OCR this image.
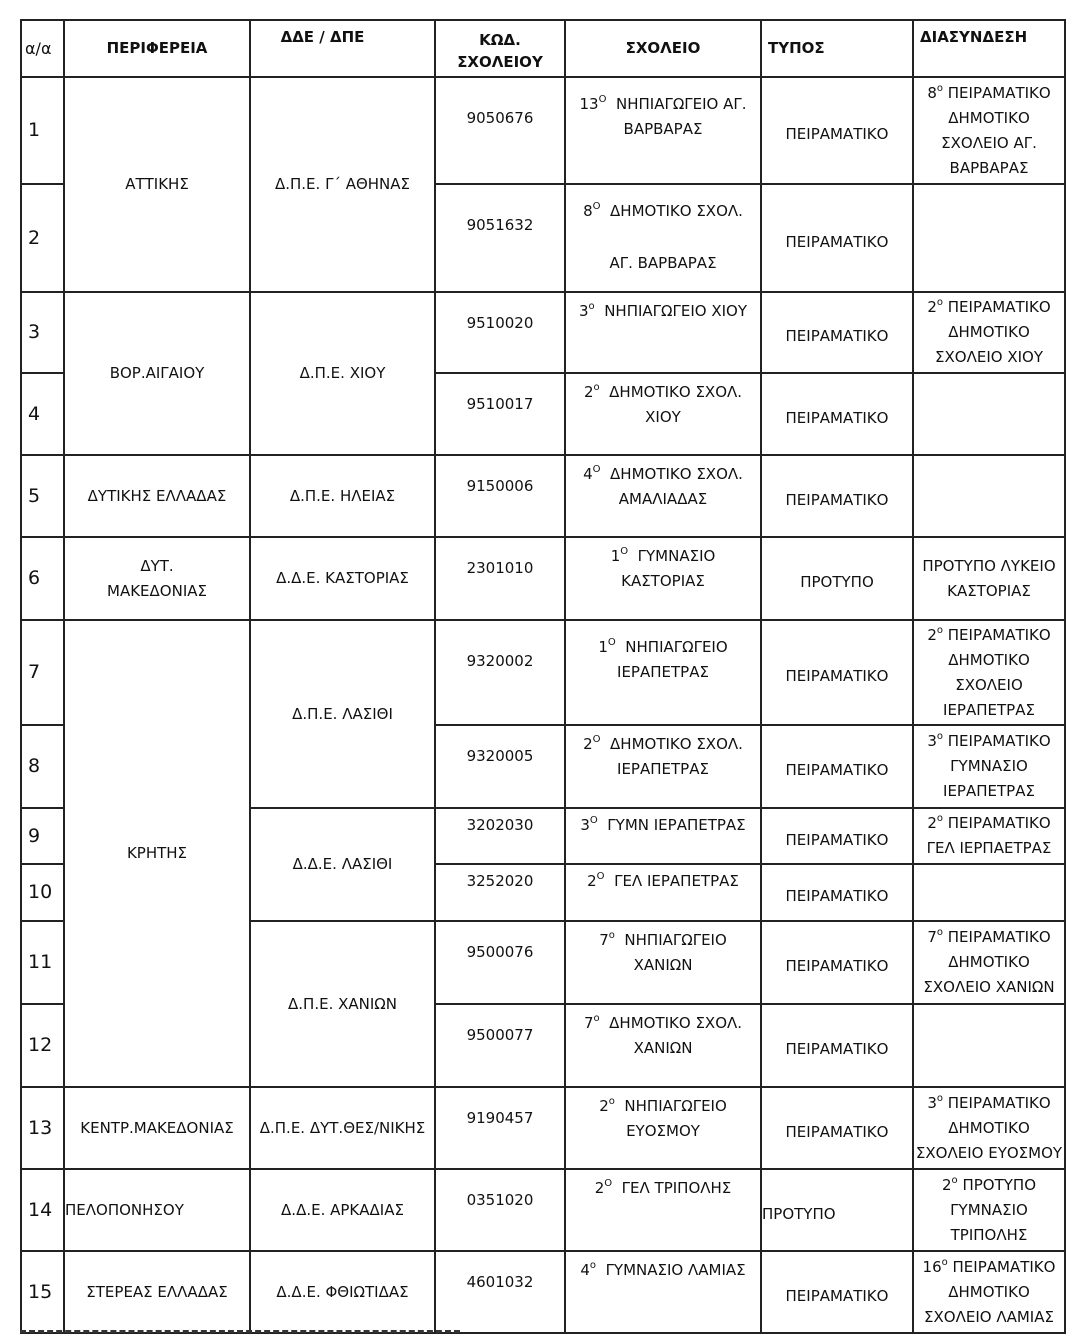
α/α	ΠΕΡΙΦΕΡΕΙΑ	ΔΔΕ / ΔΠΕ	ΚΩΔ. ΣΧΟΛΕΙΟΥ	ΣΧΟΛΕΙΟ	ΤΥΠΟΣ	ΔΙΑΣΥΝΔΕΣΗ
1	ΑΤΤΙΚΗΣ	Δ.Π.Ε. Γ΄ ΑΘΗΝΑΣ	9050676	$13^O$ ΝΗΠΙΑΓΩΓΕΙΟ ΑΓ.
ΒΑΡΒΑΡΑΣ	ΠΕΙΡΑΜΑΤΙΚΟ	$8^o$ ΠΕΙΡΑΜΑΤΙΚΟ
ΔΗΜΟΤΙΚΟ
ΣΧΟΛΕΙΟ ΑΓ.
ΒΑΡΒΑΡΑΣ

2			9051632	$8^O$ ΔΗΜΟΤΙΚΟ ΣΧΟΛ.
ΑΓ. ΒΑΡΒΑΡΑΣ	ΠΕΙΡΑΜΑΤΙΚΟ	
3	ΒΟΡ.ΑΙΓΑΙΟΥ	Δ.Π.Ε. ΧΙΟΥ	9510020	$3^o$ ΝΗΠΙΑΓΩΓΕΙΟ ΧΙΟΥ	ΠΕΙΡΑΜΑΤΙΚΟ	$2^o$ ΠΕΙΡΑΜΑΤΙΚΟ
ΔΗΜΟΤΙΚΟ
ΣΧΟΛΕΙΟ ΧΙΟΥ

4			9510017	$2^o$ ΔΗΜΟΤΙΚΟ ΣΧΟΛ.
ΧΙΟΥ	ΠΕΙΡΑΜΑΤΙΚΟ	
5	ΔΥΤΙΚΗΣ ΕΛΛΑΔΑΣ	Δ.Π.Ε. ΗΛΕΙΑΣ	9150006	$4^O$ ΔΗΜΟΤΙΚΟ ΣΧΟΛ.
ΑΜΑΛΙΑΔΑΣ	ΠΕΙΡΑΜΑΤΙΚΟ	
6	ΔΥΤ. ΜΑΚΕΔΟΝΙΑΣ	Δ.Δ.Ε. ΚΑΣΤΟΡΙΑΣ	2301010	$1^O$ ΓΥΜΝΑΣΙΟ
ΚΑΣΤΟΡΙΑΣ	ΠΡΟΤΥΠΟ	ΠΡΟΤΥΠΟ ΛΥΚΕΙΟ
ΚΑΣΤΟΡΙΑΣ

7	ΚΡΗΤΗΣ	Δ.Π.Ε. ΛΑΣΙΘΙ	9320002	$1^O$ ΝΗΠΙΑΓΩΓΕΙΟ
ΙΕΡΑΠΕΤΡΑΣ	ΠΕΙΡΑΜΑΤΙΚΟ	$2^o$ ΠΕΙΡΑΜΑΤΙΚΟ
ΔΗΜΟΤΙΚΟ
ΣΧΟΛΕΙΟ
ΙΕΡΑΠΕΤΡΑΣ

8			9320005	$2^O$ ΔΗΜΟΤΙΚΟ ΣΧΟΛ.
ΙΕΡΑΠΕΤΡΑΣ	ΠΕΙΡΑΜΑΤΙΚΟ	$3^o$ ΠΕΙΡΑΜΑΤΙΚΟ
ΓΥΜΝΑΣΙΟ
ΙΕΡΑΠΕΤΡΑΣ

9		Δ.Δ.Ε. ΛΑΣΙΘΙ	3202030	$3^O$ ΓΥΜΝ ΙΕΡΑΠΕΤΡΑΣ	ΠΕΙΡΑΜΑΤΙΚΟ	$2^o$ ΠΕΙΡΑΜΑΤΙΚΟ
ΓΕΛ ΙΕΡΠΑΕΤΡΑΣ

10			3252020	$2^O$ ΓΕΛ ΙΕΡΑΠΕΤΡΑΣ	ΠΕΙΡΑΜΑΤΙΚΟ	
11		Δ.Π.Ε. ΧΑΝΙΩΝ	9500076	$7^o$ ΝΗΠΙΑΓΩΓΕΙΟ
ΧΑΝΙΩΝ	ΠΕΙΡΑΜΑΤΙΚΟ	$7^o$ ΠΕΙΡΑΜΑΤΙΚΟ
ΔΗΜΟΤΙΚΟ
ΣΧΟΛΕΙΟ ΧΑΝΙΩΝ

12			9500077	$7^o$ ΔΗΜΟΤΙΚΟ ΣΧΟΛ.
ΧΑΝΙΩΝ	ΠΕΙΡΑΜΑΤΙΚΟ	
13	ΚΕΝΤΡ.ΜΑΚΕΔΟΝΙΑΣ	Δ.Π.Ε. ΔΥΤ.ΘΕΣ/ΝΙΚΗΣ	9190457	$2^o$ ΝΗΠΙΑΓΩΓΕΙΟ
ΕΥΟΣΜΟΥ	ΠΕΙΡΑΜΑΤΙΚΟ	$3^o$ ΠΕΙΡΑΜΑΤΙΚΟ
ΔΗΜΟΤΙΚΟ
ΣΧΟΛΕΙΟ ΕΥΟΣΜΟΥ

14	ΠΕΛΟΠΟΝΗΣΟΥ	Δ.Δ.Ε. ΑΡΚΑΔΙΑΣ	0351020	$2^O$ ΓΕΛ ΤΡΙΠΟΛΗΣ	ΠΡΟΤΥΠΟ	$2^o$ ΠΡΟΤΥΠΟ
ΓΥΜΝΑΣΙΟ
ΤΡΙΠΟΛΗΣ

15	ΣΤΕΡΕΑΣ ΕΛΛΑΔΑΣ	Δ.Δ.Ε. ΦΘΙΩΤΙΔΑΣ	4601032	$4^o$ ΓΥΜΝΑΣΙΟ ΛΑΜΙΑΣ	ΠΕΙΡΑΜΑΤΙΚΟ	$16^o$ ΠΕΙΡΑΜΑΤΙΚΟ
ΔΗΜΟΤΙΚΟ
ΣΧΟΛΕΙΟ ΛΑΜΙΑΣ
